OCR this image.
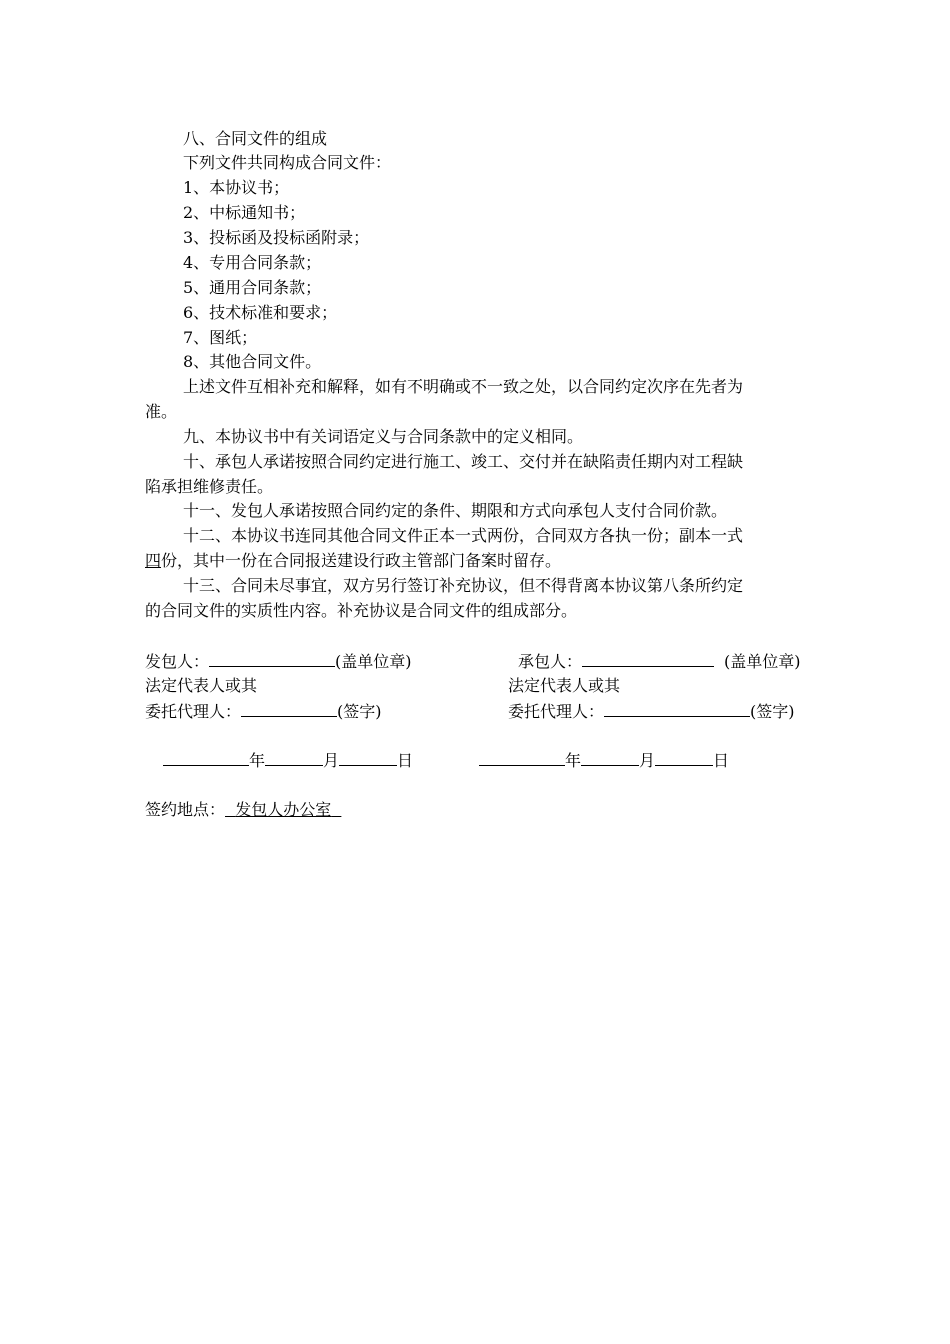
八、合同文件的组成
下列文件共同构成合同文件：
1、本协议书；
2、中标通知书；
3、投标函及投标函附录；
4、专用合同条款；
5、通用合同条款；
6、技术标准和要求；
7、图纸；
8、其他合同文件。
上述文件互相补充和解释，如有不明确或不一致之处，以合同约定次序在先者为
准。
九、本协议书中有关词语定义与合同条款中的定义相同。
十、承包人承诺按照合同约定进行施工、竣工、交付并在缺陷责任期内对工程缺
陷承担维修责任。
十一、发包人承诺按照合同约定的条件、期限和方式向承包人支付合同价款。
十二、本协议书连同其他合同文件正本一式两份，合同双方各执一份；副本一式
四份，其中一份在合同报送建设行政主管部门备案时留存。
十三、合同未尽事宜，双方另行签订补充协议，但不得背离本协议第八条所约定
的合同文件的实质性内容。补充协议是合同文件的组成部分。
发包人：	(盖单位章)	承包人：	(盖单位章)
法定代表人或其	法定代表人或其
委托代理人：	(签字)	委托代理人：	(签字)
年	月	日	年	月	日
签约地点： 发包人办公室
